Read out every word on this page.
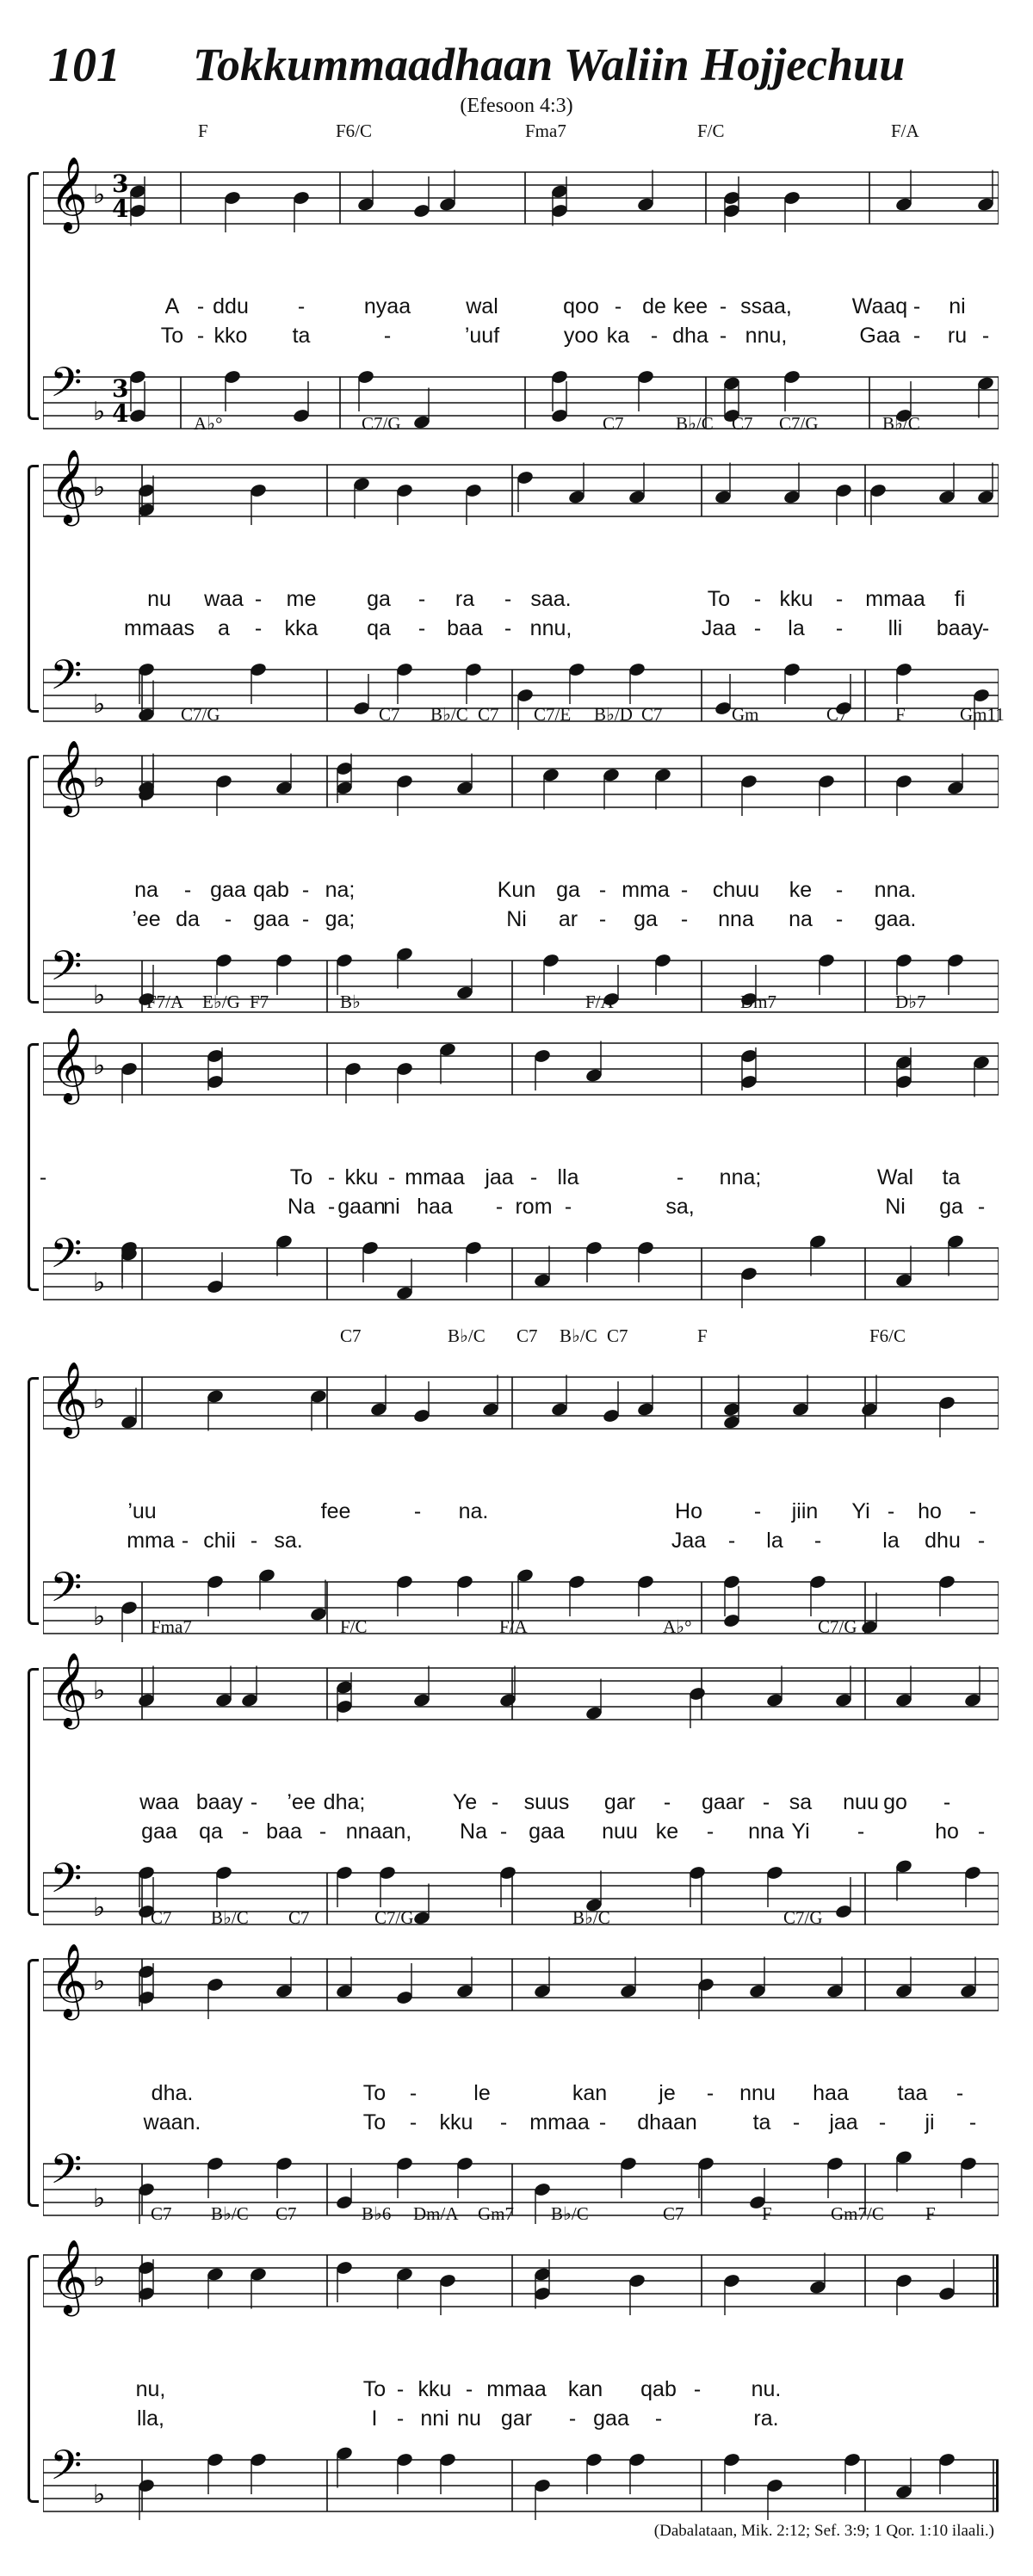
101 Tokkummaadhaan Waliin Hojjechuu
(Efesoon 4:3)
F	F6/C	Fma7	F/C	F/A
𝄞 ♭ 3
4
A - ddu -	nyaa	wal	qoo - de kee - ssaa,	Waaq - ni
To - kko ta	-	’uuf	yoo ka - dha - nnu,	Gaa - ru -
𝄢 ♭
3
4	A♭°	C7/G	C7	B♭/C C7 C7/G	B♭/C
𝄞 ♭
nu waa - me ga - ra - saa.	To - kku - mmaa fi
mmaas a - kka qa - baa - nnu,	Jaa - la - lli baay
-
𝄢 ♭	C7/G	C7 B♭/C C7 C7/E B♭/D C7	Gm	C7	F	Gm11
𝄞 ♭
na - gaa qab - na;	Kun ga - mma - chuu ke - nna.
’ee da - gaa - ga;	Ni ar - ga - nna na - gaa.
𝄢 ♭ F7/A E♭/G F7	B♭	F/A	Dm7	D♭7
𝄞 ♭
To - kku - mmaa jaa - lla	- nna;	Wal ta
-
Na - gaan
ni haa - rom -	sa,	Ni ga -
𝄢 ♭
C7	B♭/C C7 B♭/C C7	F	F6/C
𝄞 ♭
’uu	fee	- na.	Ho - jiin Yi - ho -
mma - chii - sa.	Jaa - la -	la dhu -
𝄢 ♭	Fma7	F/C	F/A	A♭°	C7/G
𝄞 ♭
waa baay - ’ee dha;	Ye - suus gar - gaar - sa nuu go -
gaa qa - baa - nnaan, Na - gaa nuu ke - nna Yi -	ho -
𝄢 ♭	C7 B♭/C C7	C7/G	B♭/C	C7/G
𝄞 ♭
dha.	To -	le	kan je - nnu haa taa -
waan.	To - kku - mmaa - dhaan	ta - jaa - ji -
𝄢 ♭	C7 B♭/C C7	B♭6 Dm/A Gm7 B♭/C	C7	F	Gm7/C F
𝄞 ♭
nu,	To - kku - mmaa kan qab - nu.
lla,	I - nni nu gar - gaa -	ra.
𝄢 ♭
(Dabalataan, Mik. 2:12; Sef. 3:9; 1 Qor. 1:10 ilaali.)
